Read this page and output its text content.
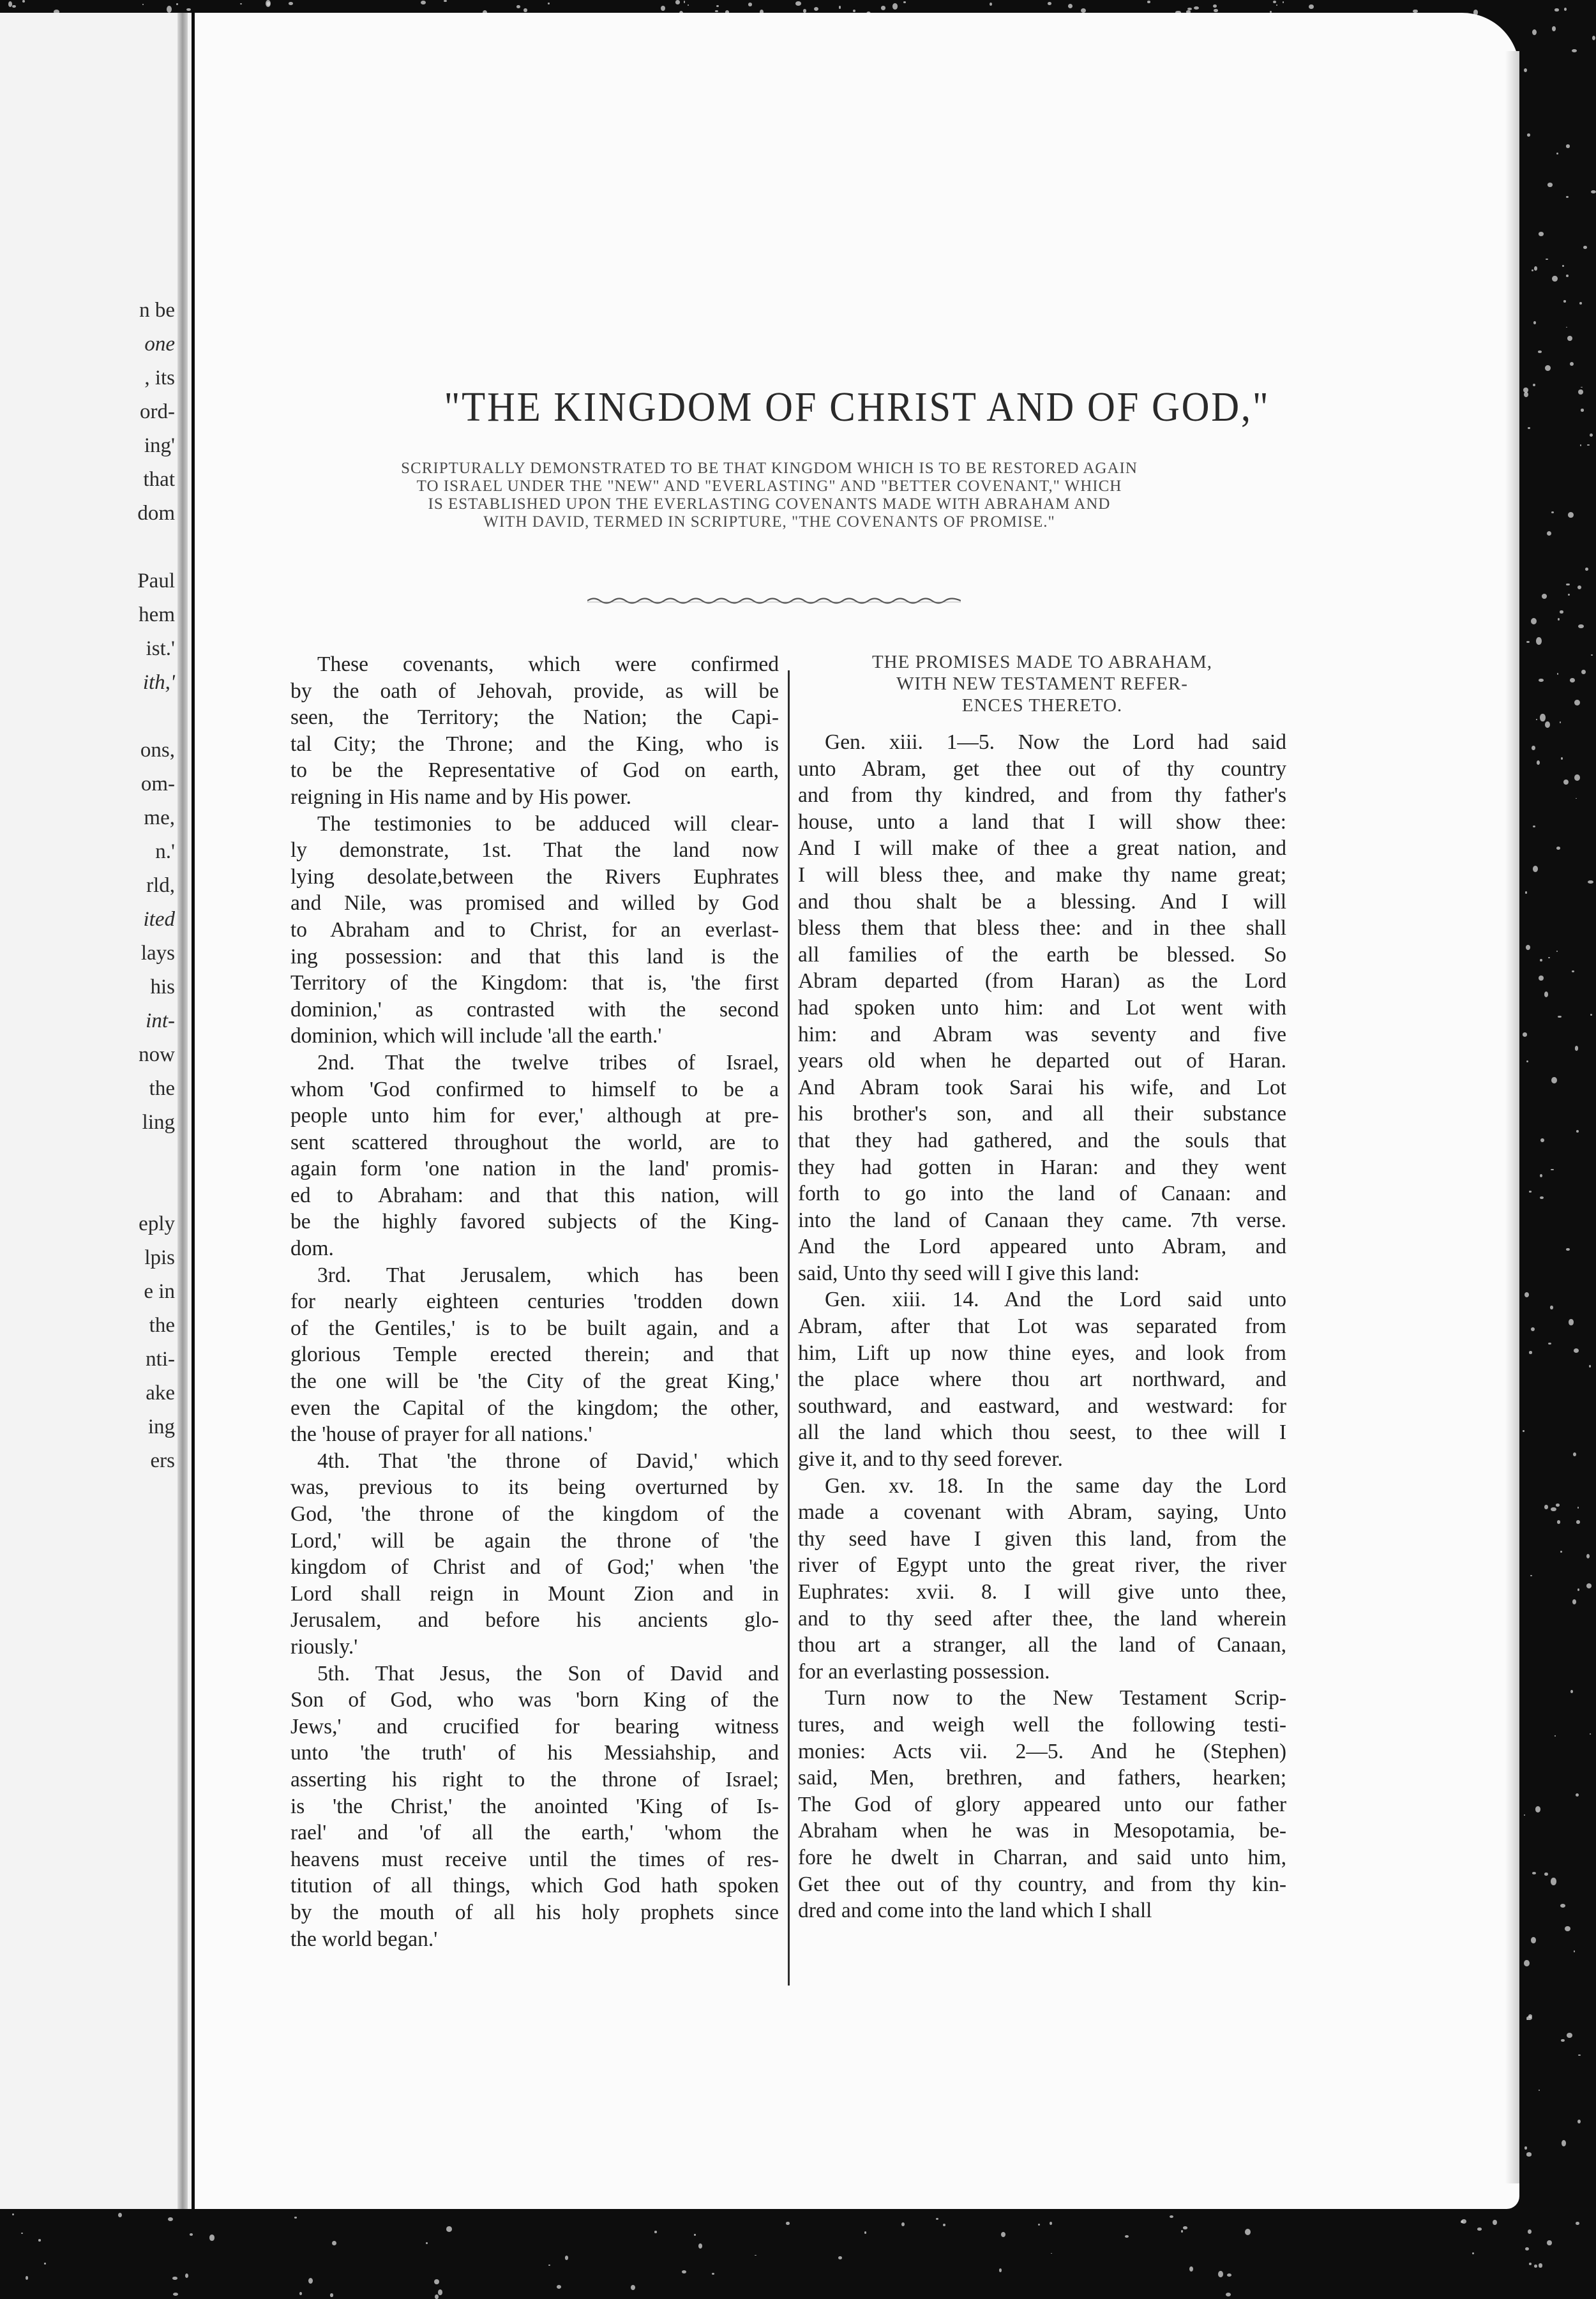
n be
one
, its
ord-
ing'
that
dom
Paul
hem
ist.'
ith,'
ons,
om-
me,
n.'
rld,
ited
lays
his
int-
now
the
ling
eply
lpis
e in
the
nti-
ake
ing
ers
"THE KINGDOM OF CHRIST AND OF GOD,"
SCRIPTURALLY DEMONSTRATED TO BE THAT KINGDOM WHICH IS TO BE RESTORED AGAIN
TO ISRAEL UNDER THE "NEW" AND "EVERLASTING" AND "BETTER COVENANT," WHICH
IS ESTABLISHED UPON THE EVERLASTING COVENANTS MADE WITH ABRAHAM AND
WITH DAVID, TERMED IN SCRIPTURE, "THE COVENANTS OF PROMISE."
These covenants, which were confirmed
by the oath of Jehovah, provide, as will be
seen, the Territory; the Nation; the Capi-
tal City; the Throne; and the King, who is
to be the Representative of God on earth,
reigning in His name and by His power.
The testimonies to be adduced will clear-
ly demonstrate, 1st. That the land now
lying desolate,between the Rivers Euphrates
and Nile, was promised and willed by God
to Abraham and to Christ, for an everlast-
ing possession: and that this land is the
Territory of the Kingdom: that is, 'the first
dominion,' as contrasted with the second
dominion, which will include 'all the earth.'
2nd. That the twelve tribes of Israel,
whom 'God confirmed to himself to be a
people unto him for ever,' although at pre-
sent scattered throughout the world, are to
again form 'one nation in the land' promis-
ed to Abraham: and that this nation, will
be the highly favored subjects of the King-
dom.
3rd. That Jerusalem, which has been
for nearly eighteen centuries 'trodden down
of the Gentiles,' is to be built again, and a
glorious Temple erected therein; and that
the one will be 'the City of the great King,'
even the Capital of the kingdom; the other,
the 'house of prayer for all nations.'
4th. That 'the throne of David,' which
was, previous to its being overturned by
God, 'the throne of the kingdom of the
Lord,' will be again the throne of 'the
kingdom of Christ and of God;' when 'the
Lord shall reign in Mount Zion and in
Jerusalem, and before his ancients glo-
riously.'
5th. That Jesus, the Son of David and
Son of God, who was 'born King of the
Jews,' and crucified for bearing witness
unto 'the truth' of his Messiahship, and
asserting his right to the throne of Israel;
is 'the Christ,' the anointed 'King of Is-
rael' and 'of all the earth,' 'whom the
heavens must receive until the times of res-
titution of all things, which God hath spoken
by the mouth of all his holy prophets since
the world began.'
THE PROMISES MADE TO ABRAHAM,
WITH NEW TESTAMENT REFER-
ENCES THERETO.
Gen. xiii. 1—5. Now the Lord had said
unto Abram, get thee out of thy country
and from thy kindred, and from thy father's
house, unto a land that I will show thee:
And I will make of thee a great nation, and
I will bless thee, and make thy name great;
and thou shalt be a blessing. And I will
bless them that bless thee: and in thee shall
all families of the earth be blessed. So
Abram departed (from Haran) as the Lord
had spoken unto him: and Lot went with
him: and Abram was seventy and five
years old when he departed out of Haran.
And Abram took Sarai his wife, and Lot
his brother's son, and all their substance
that they had gathered, and the souls that
they had gotten in Haran: and they went
forth to go into the land of Canaan: and
into the land of Canaan they came. 7th verse.
And the Lord appeared unto Abram, and
said, Unto thy seed will I give this land:
Gen. xiii. 14. And the Lord said unto
Abram, after that Lot was separated from
him, Lift up now thine eyes, and look from
the place where thou art northward, and
southward, and eastward, and westward: for
all the land which thou seest, to thee will I
give it, and to thy seed forever.
Gen. xv. 18. In the same day the Lord
made a covenant with Abram, saying, Unto
thy seed have I given this land, from the
river of Egypt unto the great river, the river
Euphrates: xvii. 8. I will give unto thee,
and to thy seed after thee, the land wherein
thou art a stranger, all the land of Canaan,
for an everlasting possession.
Turn now to the New Testament Scrip-
tures, and weigh well the following testi-
monies: Acts vii. 2—5. And he (Stephen)
said, Men, brethren, and fathers, hearken;
The God of glory appeared unto our father
Abraham when he was in Mesopotamia, be-
fore he dwelt in Charran, and said unto him,
Get thee out of thy country, and from thy kin-
dred and come into the land which I shall
